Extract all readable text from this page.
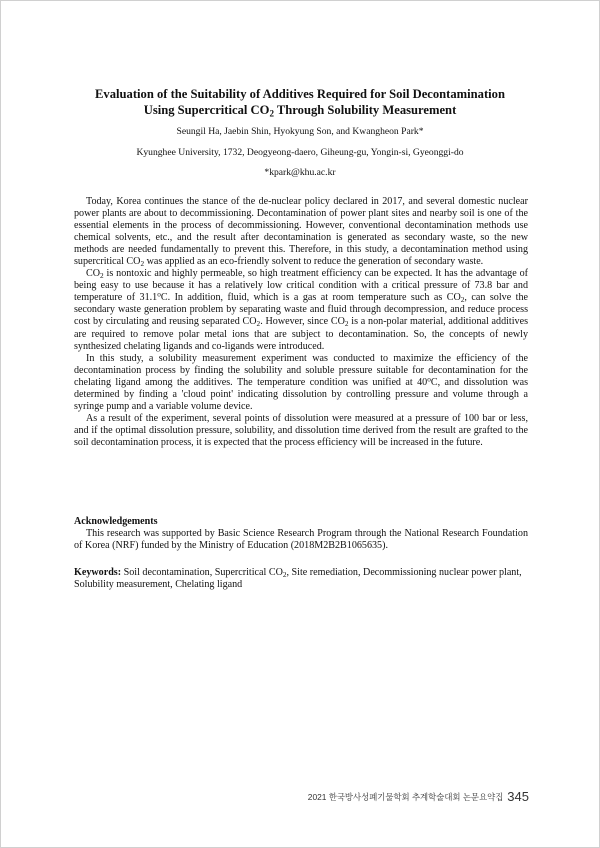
Evaluation of the Suitability of Additives Required for Soil Decontamination
Using Supercritical $CO_2$ Through Solubility Measurement
Seungil Ha, Jaebin Shin, Hyokyung Son, and Kwangheon Park*
Kyunghee University, 1732, Deogyeong-daero, Giheung-gu, Yongin-si, Gyeonggi-do
*kpark@khu.ac.kr

Today, Korea continues the stance of the de-nuclear policy declared in 2017, and several domestic nuclear power plants are about to decommissioning. Decontamination of power plant sites and nearby soil is one of the essential elements in the process of decommissioning. However, conventional decontamination methods use chemical solvents, etc., and the result after decontamination is generated as secondary waste, so the new methods are needed fundamentally to prevent this. Therefore, in this study, a decontamination method using supercritical $CO_2$ was applied as an eco-friendly solvent to reduce the generation of secondary waste.

$CO_2$ is nontoxic and highly permeable, so high treatment efficiency can be expected. It has the advantage of being easy to use because it has a relatively low critical condition with a critical pressure of 73.8 bar and temperature of 31.1$^o$C. In addition, fluid, which is a gas at room temperature such as $CO_2$, can solve the secondary waste generation problem by separating waste and fluid through decompression, and reduce process cost by circulating and reusing separated $CO_2$. However, since $CO_2$ is a non-polar material, additional additives are required to remove polar metal ions that are subject to decontamination. So, the concepts of newly synthesized chelating ligands and co-ligands were introduced.

In this study, a solubility measurement experiment was conducted to maximize the efficiency of the decontamination process by finding the solubility and soluble pressure suitable for decontamination for the chelating ligand among the additives. The temperature condition was unified at 40$^o$C, and dissolution was determined by finding a 'cloud point' indicating dissolution by controlling pressure and volume through a syringe pump and a variable volume device.

As a result of the experiment, several points of dissolution were measured at a pressure of 100 bar or less, and if the optimal dissolution pressure, solubility, and dissolution time derived from the result are grafted to the soil decontamination process, it is expected that the process efficiency will be increased in the future.

Acknowledgements
This research was supported by Basic Science Research Program through the National Research Foundation of Korea (NRF) funded by the Ministry of Education (2018M2B2B1065635).
Keywords: Soil decontamination, Supercritical $CO_2$, Site remediation, Decommissioning nuclear power plant, Solubility measurement, Chelating ligand
2021 한국방사성폐기물학회 추계학술대회 논문요약집 345
